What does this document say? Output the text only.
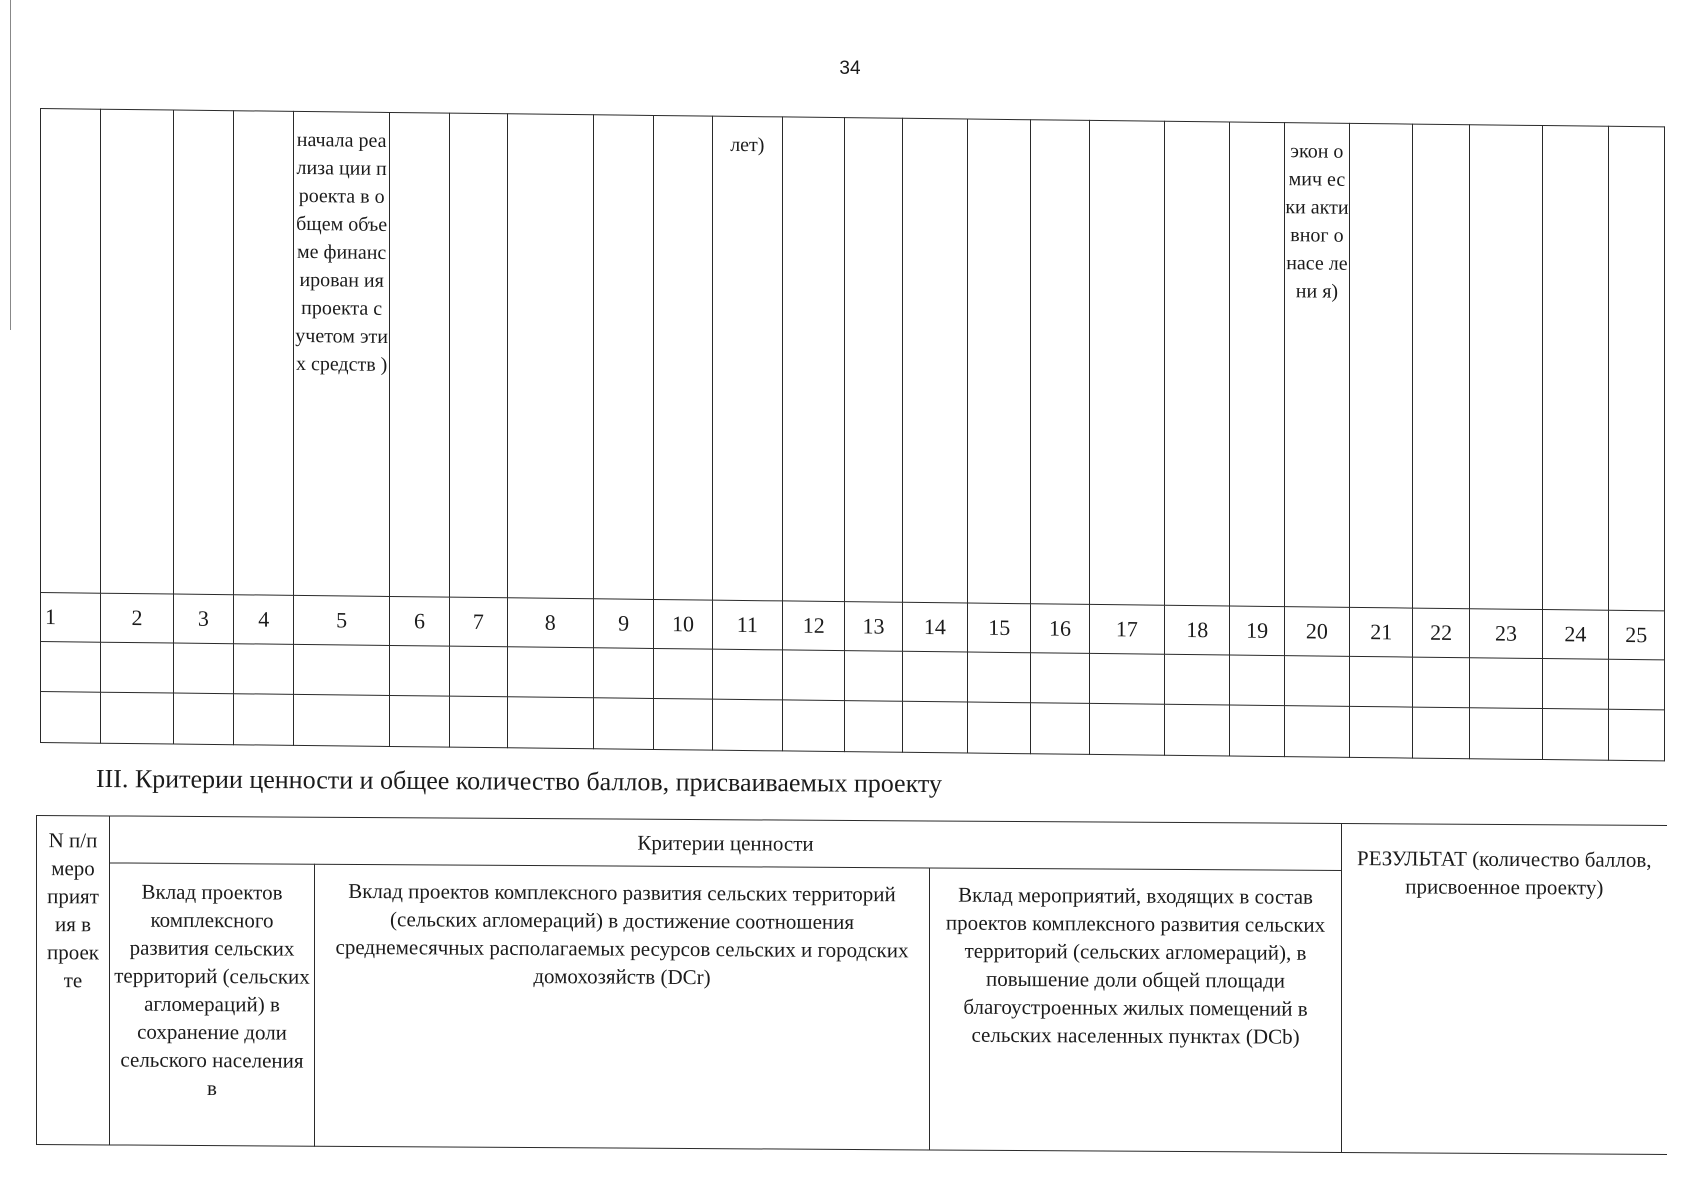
34

				начала реализа ции проекта в общем объеме финанс ирован ия проекта с учетом этих средств )						лет)									экон омич ески акти вног о насе лени я)					

1	2	3	4	5	6	7	8	9	10	11	12	13	14	15	16	17	18	19	20	21	22	23	24	25

III. Критерии ценности и общее количество баллов, присваиваемых проекту
N п/п меро прият ия в проек те	Критерии ценности			РЕЗУЛЬТАТ (количество баллов, присвоенное проекту)
	Вклад проектов комплексного развития сельских территорий (сельских агломераций) в сохранение доли сельского населения в	Вклад проектов комплексного развития сельских территорий (сельских агломераций) в достижение соотношения среднемесячных располагаемых ресурсов сельских и городских домохозяйств (DCr)	Вклад мероприятий, входящих в состав проектов комплексного развития сельских территорий (сельских агломераций), в повышение доли общей площади благоустроенных жилых помещений в сельских населенных пунктах (DCb)	
